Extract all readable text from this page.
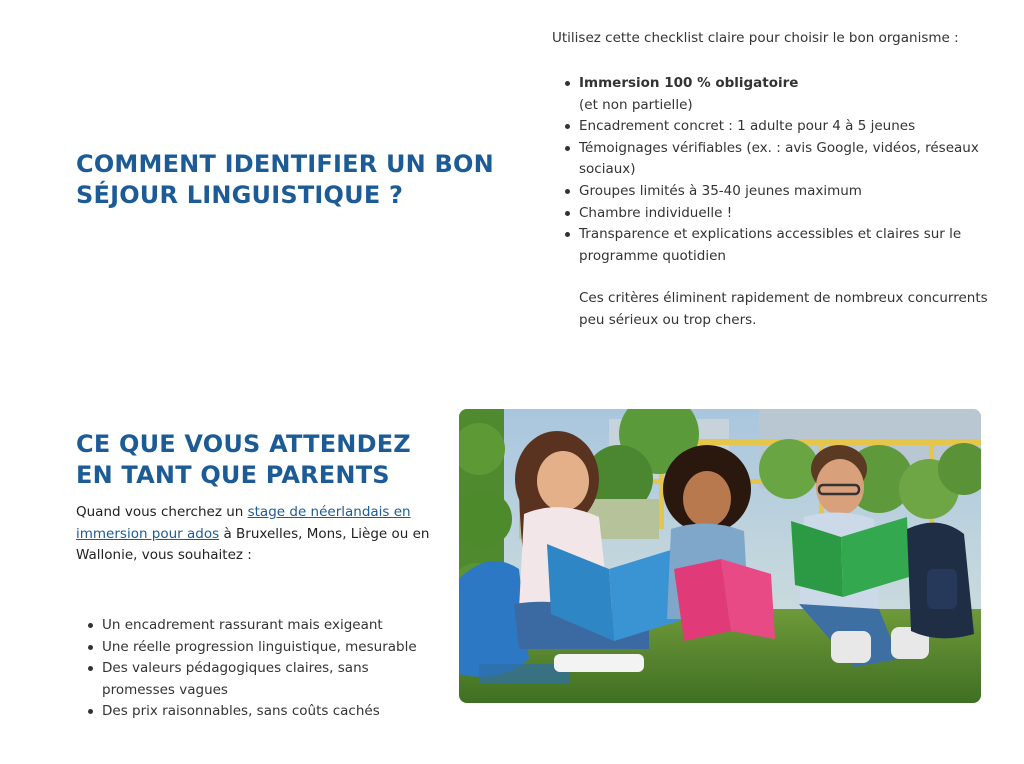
COMMENT IDENTIFIER UN BON
SÉJOUR LINGUISTIQUE ?

Utilisez cette checklist claire pour choisir le bon organisme :

Immersion 100 % obligatoire
(et non partielle)
Encadrement concret : 1 adulte pour 4 à 5 jeunes
Témoignages vérifiables (ex. : avis Google, vidéos, réseaux sociaux)
Groupes limités à 35-40 jeunes maximum
Chambre individuelle !
Transparence et explications accessibles et claires sur le programme quotidien

Ces critères éliminent rapidement de nombreux concurrents peu sérieux ou trop chers.

CE QUE VOUS ATTENDEZ
EN TANT QUE PARENTS

Quand vous cherchez un stage de néerlandais en immersion pour ados à Bruxelles, Mons, Liège ou en Wallonie, vous souhaitez :

Un encadrement rassurant mais exigeant
Une réelle progression linguistique, mesurable
Des valeurs pédagogiques claires, sans promesses vagues
Des prix raisonnables, sans coûts cachés
